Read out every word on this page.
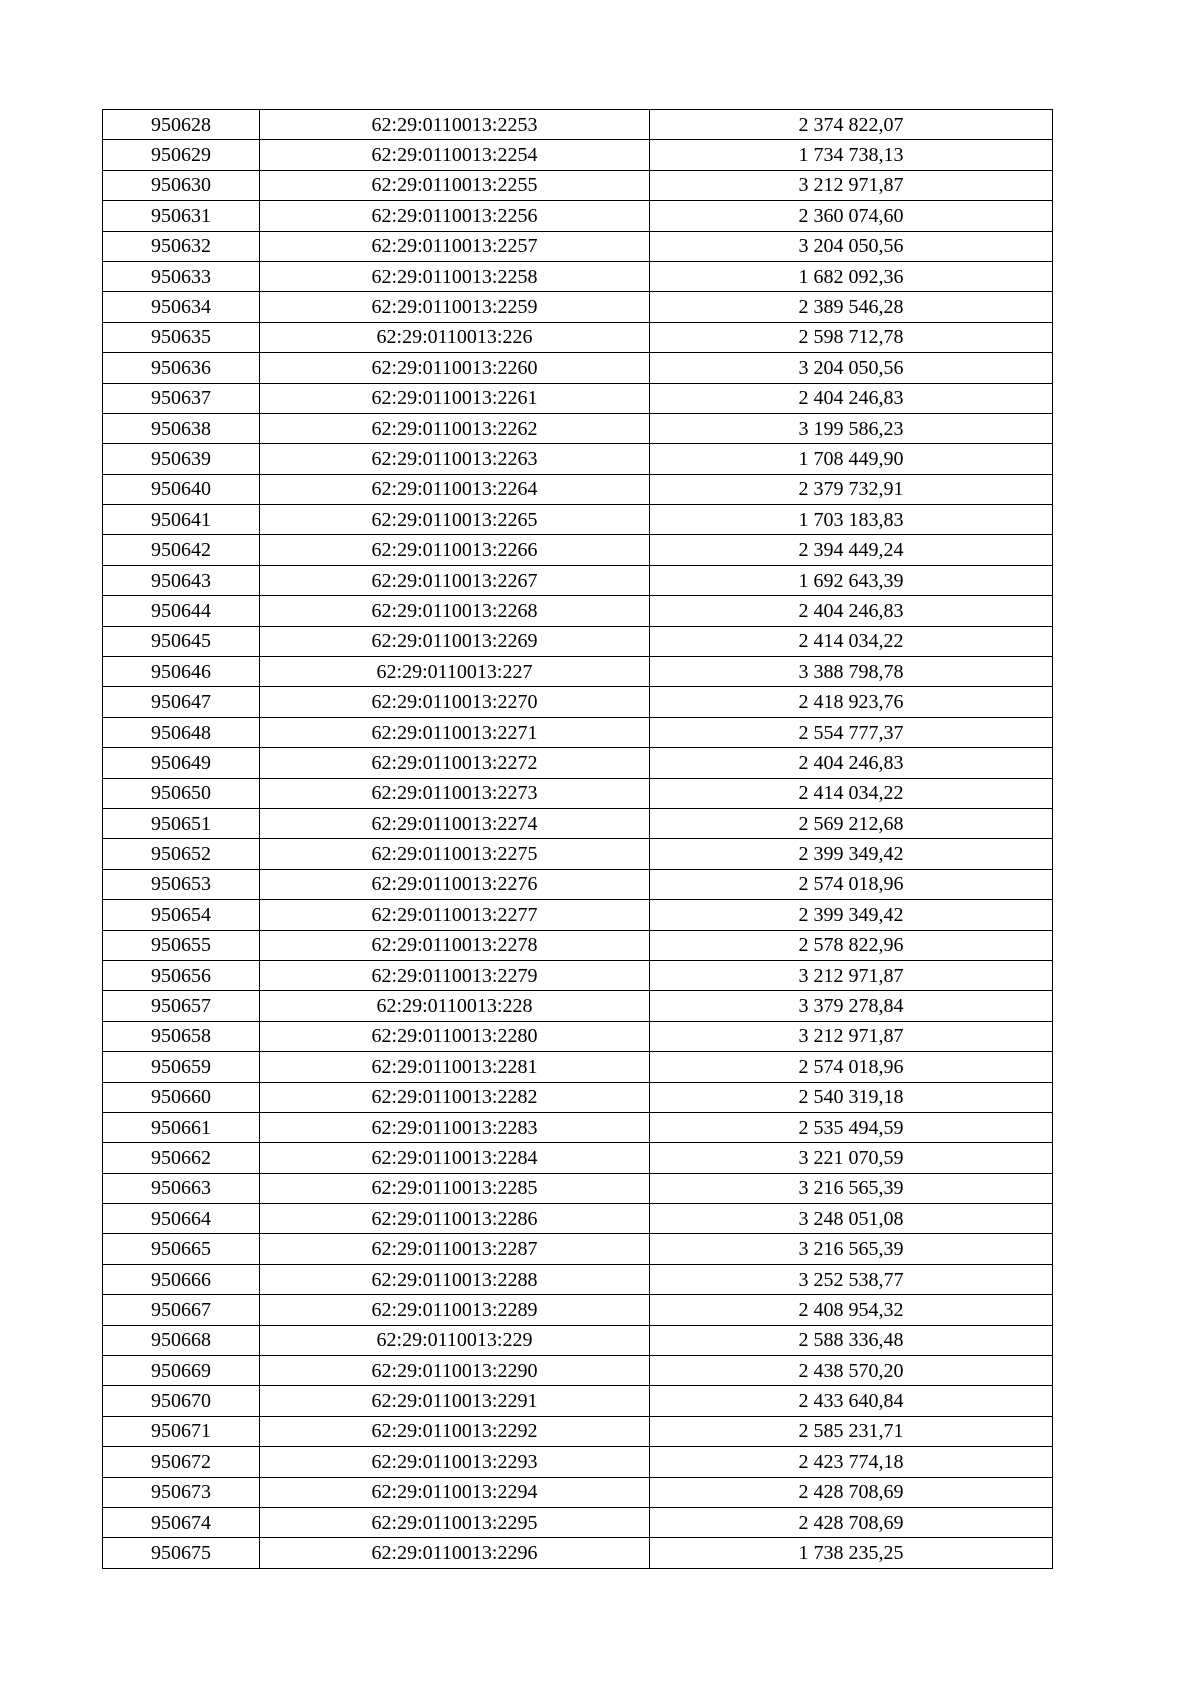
950628	62:29:0110013:2253	2 374 822,07
950629	62:29:0110013:2254	1 734 738,13
950630	62:29:0110013:2255	3 212 971,87
950631	62:29:0110013:2256	2 360 074,60
950632	62:29:0110013:2257	3 204 050,56
950633	62:29:0110013:2258	1 682 092,36
950634	62:29:0110013:2259	2 389 546,28
950635	62:29:0110013:226	2 598 712,78
950636	62:29:0110013:2260	3 204 050,56
950637	62:29:0110013:2261	2 404 246,83
950638	62:29:0110013:2262	3 199 586,23
950639	62:29:0110013:2263	1 708 449,90
950640	62:29:0110013:2264	2 379 732,91
950641	62:29:0110013:2265	1 703 183,83
950642	62:29:0110013:2266	2 394 449,24
950643	62:29:0110013:2267	1 692 643,39
950644	62:29:0110013:2268	2 404 246,83
950645	62:29:0110013:2269	2 414 034,22
950646	62:29:0110013:227	3 388 798,78
950647	62:29:0110013:2270	2 418 923,76
950648	62:29:0110013:2271	2 554 777,37
950649	62:29:0110013:2272	2 404 246,83
950650	62:29:0110013:2273	2 414 034,22
950651	62:29:0110013:2274	2 569 212,68
950652	62:29:0110013:2275	2 399 349,42
950653	62:29:0110013:2276	2 574 018,96
950654	62:29:0110013:2277	2 399 349,42
950655	62:29:0110013:2278	2 578 822,96
950656	62:29:0110013:2279	3 212 971,87
950657	62:29:0110013:228	3 379 278,84
950658	62:29:0110013:2280	3 212 971,87
950659	62:29:0110013:2281	2 574 018,96
950660	62:29:0110013:2282	2 540 319,18
950661	62:29:0110013:2283	2 535 494,59
950662	62:29:0110013:2284	3 221 070,59
950663	62:29:0110013:2285	3 216 565,39
950664	62:29:0110013:2286	3 248 051,08
950665	62:29:0110013:2287	3 216 565,39
950666	62:29:0110013:2288	3 252 538,77
950667	62:29:0110013:2289	2 408 954,32
950668	62:29:0110013:229	2 588 336,48
950669	62:29:0110013:2290	2 438 570,20
950670	62:29:0110013:2291	2 433 640,84
950671	62:29:0110013:2292	2 585 231,71
950672	62:29:0110013:2293	2 423 774,18
950673	62:29:0110013:2294	2 428 708,69
950674	62:29:0110013:2295	2 428 708,69
950675	62:29:0110013:2296	1 738 235,25
